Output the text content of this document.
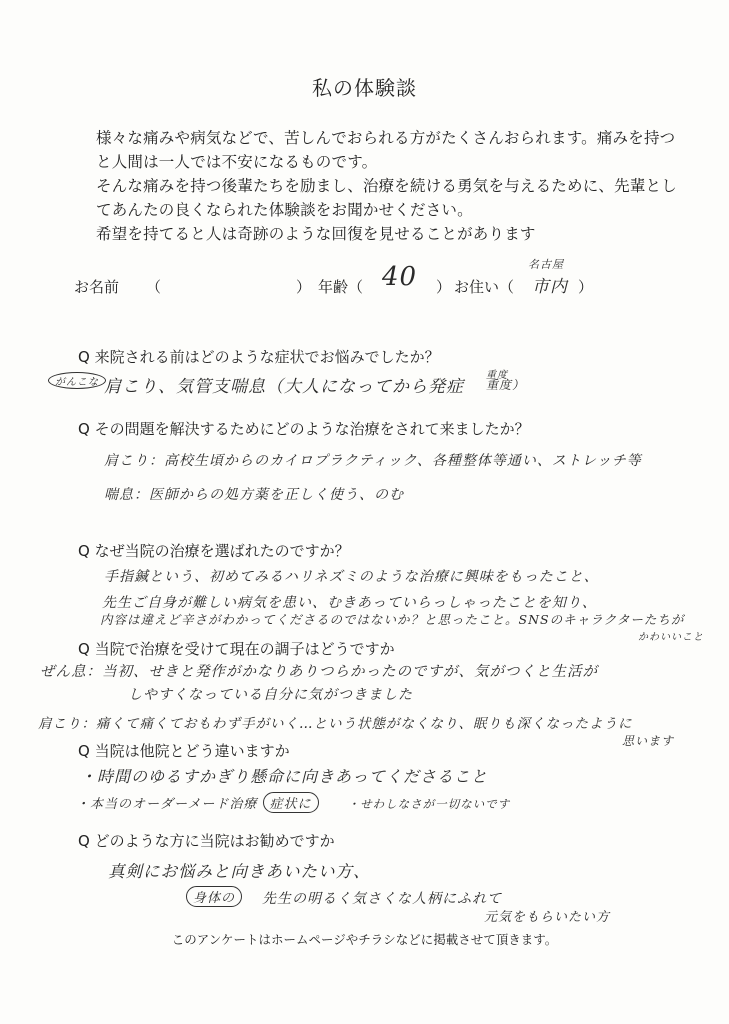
私の体験談
様々な痛みや病気などで、苦しんでおられる方がたくさんおられます。痛みを持つ
と人間は一人では不安になるものです。
そんな痛みを持つ後輩たちを励まし、治療を続ける勇気を与えるために、先輩とし
てあんたの良くなられた体験談をお聞かせください。
希望を持てると人は奇跡のような回復を見せることがあります
お名前 （	） 年齢（ 40 ） お住い（
名古屋
市内 ）
Q 来院される前はどのような症状でお悩みでしたか？
がんこな 肩こり、気管支喘息（大人になってから発症
重度
重度）
Q その問題を解決するためにどのような治療をされて来ましたか？
肩こり：高校生頃からのカイロプラクティック、各種整体等通い、ストレッチ等
喘息：医師からの処方薬を正しく使う、のむ
Q なぜ当院の治療を選ばれたのですか？
手指鍼という、初めてみるハリネズミのような治療に興味をもったこと、
先生ご自身が難しい病気を患い、むきあっていらっしゃったことを知り、
内容は違えど辛さがわかってくださるのではないか？と思ったこと。SNSのキャラクターたちが
かわいいこと
Q 当院で治療を受けて現在の調子はどうですか
ぜん息：当初、せきと発作がかなりありつらかったのですが、気がつくと生活が
しやすくなっている自分に気がつきました
肩こり：痛くて痛くておもわず手がいく…という状態がなくなり、眠りも深くなったように
思います
Q 当院は他院とどう違いますか
・時間のゆるすかぎり懸命に向きあってくださること
・本当のオーダーメード治療 症状に	・せわしなさが一切ないです
Q どのような方に当院はお勧めですか
真剣にお悩みと向きあいたい方、
身体の	先生の明るく気さくな人柄にふれて
元気をもらいたい方
このアンケートはホームページやチラシなどに掲載させて頂きます。
